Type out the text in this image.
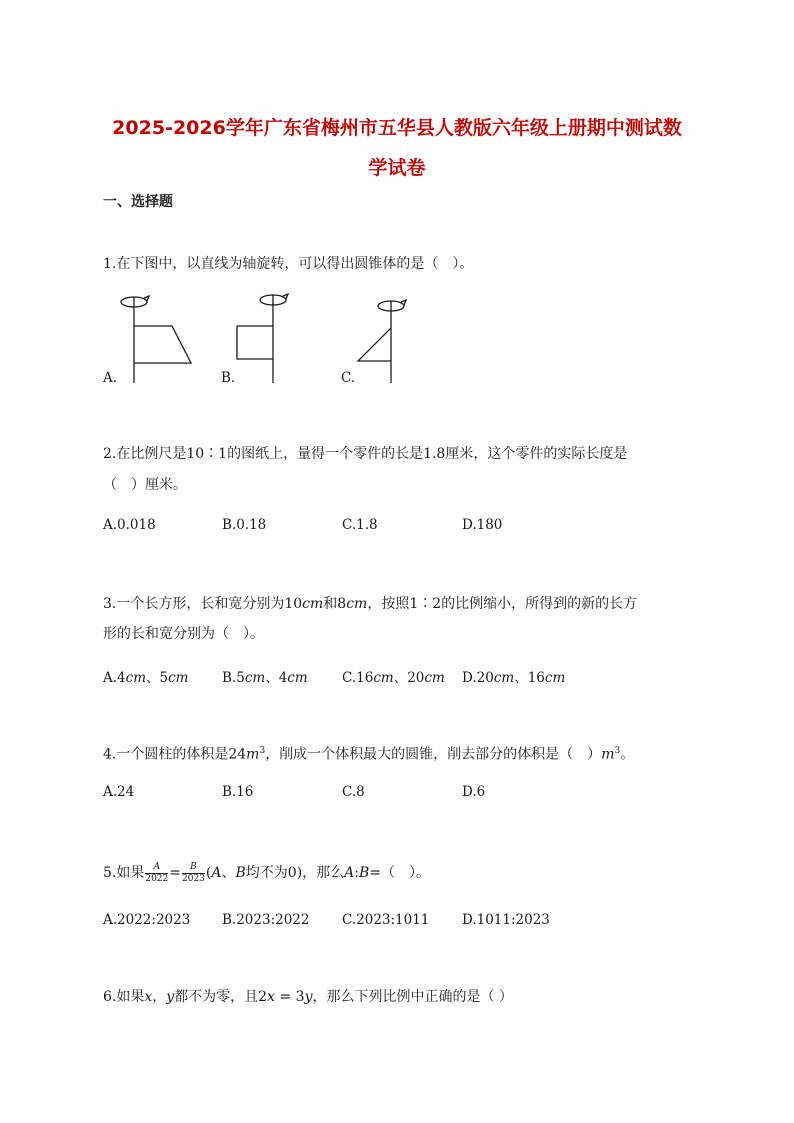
2025-2026学年广东省梅州市五华县人教版六年级上册期中测试数
学试卷
一、选择题
1.在下图中，以直线为轴旋转，可以得出圆锥体的是（　）。
A.	B.	C.
2.在比例尺是10∶1的图纸上，量得一个零件的长是1.8厘米，这个零件的实际长度是
（　）厘米。
A.0.018	B.0.18	C.1.8	D.180
3.一个长方形，长和宽分别为10cm和8cm，按照1∶2的比例缩小，所得到的新的长方
形的长和宽分别为（　）。
A.4cm、5cm B.5cm、4cm	C.16cm、20cm D.20cm、16cm
4.一个圆柱的体积是$24m^3$，削成一个体积最大的圆锥，削去部分的体积是（　）$m^3$。
A.24	B.16	C.8	D.6
5.如果 $\frac{A}{2022} = \frac{B}{2023} (A$、B均不为0)，那么A:B=（　）。
A.2022:2023 B.2023:2022 C.2023:1011 D.1011:2023
6.如果x，y都不为零，且2x = 3y，那么下列比例中正确的是（ ）
